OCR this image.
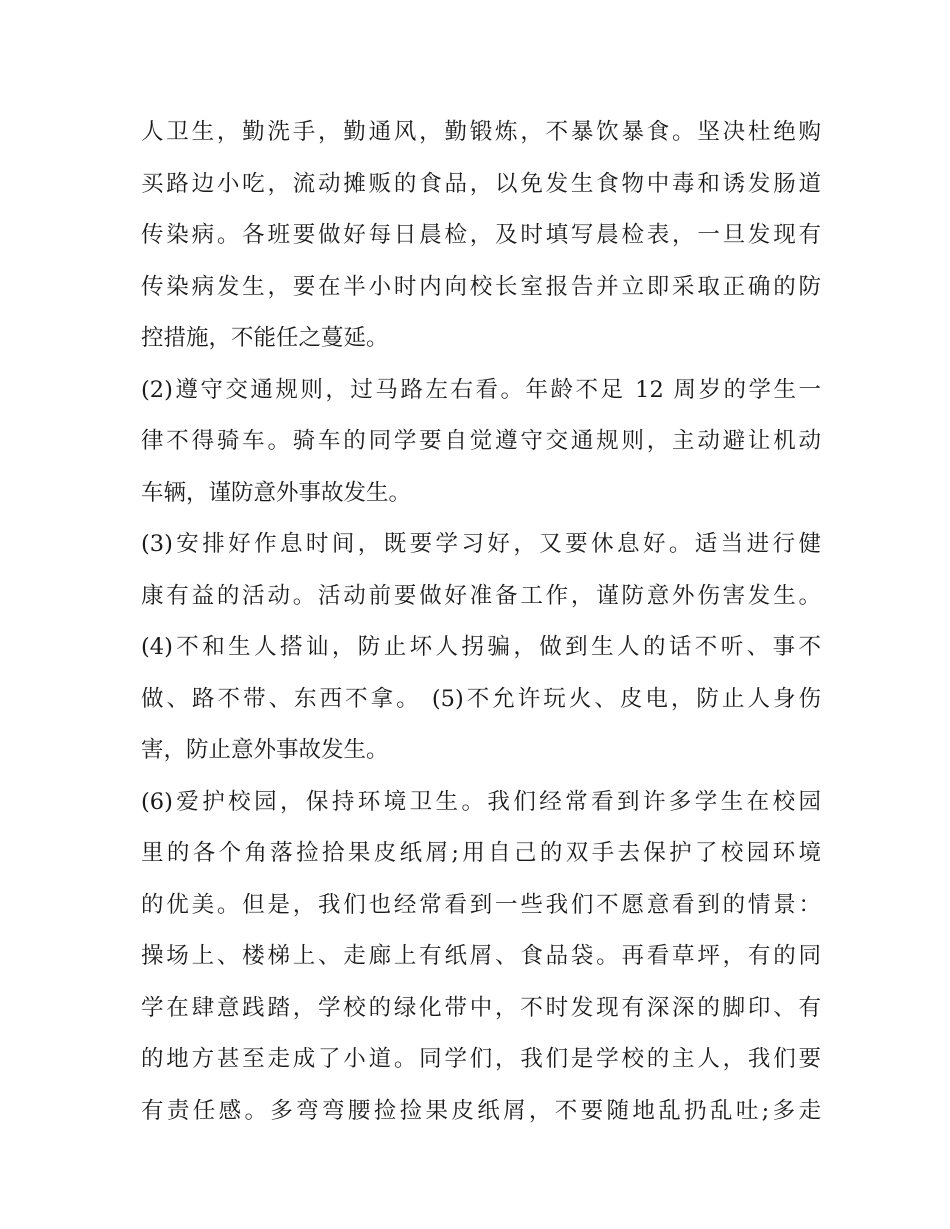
人卫生，勤洗手，勤通风，勤锻炼，不暴饮暴食。坚决杜绝购
买路边小吃，流动摊贩的食品，以免发生食物中毒和诱发肠道
传染病。各班要做好每日晨检，及时填写晨检表，一旦发现有
传染病发生，要在半小时内向校长室报告并立即采取正确的防
控措施，不能任之蔓延。
(2)遵守交通规则，过马路左右看。年龄不足 12 周岁的学生一
律不得骑车。骑车的同学要自觉遵守交通规则，主动避让机动
车辆，谨防意外事故发生。
(3)安排好作息时间，既要学习好，又要休息好。适当进行健
康有益的活动。活动前要做好准备工作，谨防意外伤害发生。
(4)不和生人搭讪，防止坏人拐骗，做到生人的话不听、事不
做、路不带、东西不拿。 (5)不允许玩火、皮电，防止人身伤
害，防止意外事故发生。
(6)爱护校园，保持环境卫生。我们经常看到许多学生在校园
里的各个角落捡拾果皮纸屑;用自己的双手去保护了校园环境
的优美。但是，我们也经常看到一些我们不愿意看到的情景：
操场上、楼梯上、走廊上有纸屑、食品袋。再看草坪，有的同
学在肆意践踏，学校的绿化带中，不时发现有深深的脚印、有
的地方甚至走成了小道。同学们，我们是学校的主人，我们要
有责任感。多弯弯腰捡捡果皮纸屑，不要随地乱扔乱吐;多走
